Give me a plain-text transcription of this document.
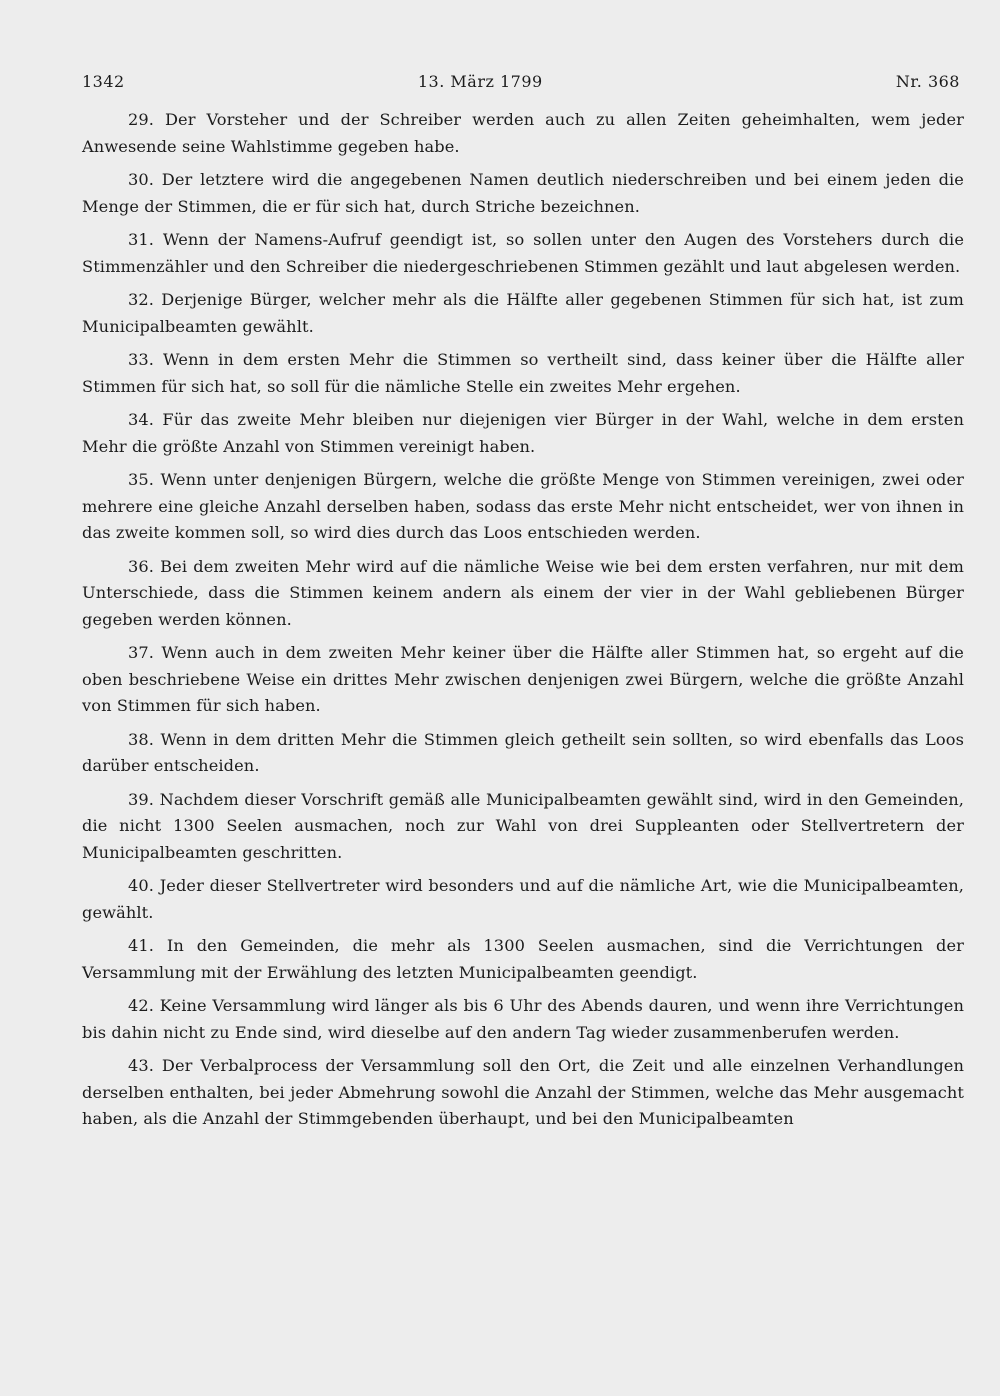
1342	13. März 1799	Nr. 368

29. Der Vorsteher und der Schreiber werden auch zu allen Zeiten geheimhalten, wem jeder Anwesende seine Wahlstimme gegeben habe.

30. Der letztere wird die angegebenen Namen deutlich niederschreiben und bei einem jeden die Menge der Stimmen, die er für sich hat, durch Striche bezeichnen.

31. Wenn der Namens-Aufruf geendigt ist, so sollen unter den Augen des Vorstehers durch die Stimmenzähler und den Schreiber die niedergeschriebenen Stimmen gezählt und laut abgelesen werden.

32. Derjenige Bürger, welcher mehr als die Hälfte aller gegebenen Stimmen für sich hat, ist zum Municipalbeamten gewählt.

33. Wenn in dem ersten Mehr die Stimmen so vertheilt sind, dass keiner über die Hälfte aller Stimmen für sich hat, so soll für die nämliche Stelle ein zweites Mehr ergehen.

34. Für das zweite Mehr bleiben nur diejenigen vier Bürger in der Wahl, welche in dem ersten Mehr die größte Anzahl von Stimmen vereinigt haben.

35. Wenn unter denjenigen Bürgern, welche die größte Menge von Stimmen vereinigen, zwei oder mehrere eine gleiche Anzahl derselben haben, sodass das erste Mehr nicht entscheidet, wer von ihnen in das zweite kommen soll, so wird dies durch das Loos entschieden werden.

36. Bei dem zweiten Mehr wird auf die nämliche Weise wie bei dem ersten verfahren, nur mit dem Unterschiede, dass die Stimmen keinem andern als einem der vier in der Wahl gebliebenen Bürger gegeben werden können.

37. Wenn auch in dem zweiten Mehr keiner über die Hälfte aller Stimmen hat, so ergeht auf die oben beschriebene Weise ein drittes Mehr zwischen denjenigen zwei Bürgern, welche die größte Anzahl von Stimmen für sich haben.

38. Wenn in dem dritten Mehr die Stimmen gleich getheilt sein sollten, so wird ebenfalls das Loos darüber entscheiden.

39. Nachdem dieser Vorschrift gemäß alle Municipalbeamten gewählt sind, wird in den Gemeinden, die nicht 1300 Seelen ausmachen, noch zur Wahl von drei Suppleanten oder Stellvertretern der Municipalbeamten geschritten.

40. Jeder dieser Stellvertreter wird besonders und auf die nämliche Art, wie die Municipalbeamten, gewählt.

41. In den Gemeinden, die mehr als 1300 Seelen ausmachen, sind die Verrichtungen der Versammlung mit der Erwählung des letzten Municipalbeamten geendigt.

42. Keine Versammlung wird länger als bis 6 Uhr des Abends dauren, und wenn ihre Verrichtungen bis dahin nicht zu Ende sind, wird dieselbe auf den andern Tag wieder zusammenberufen werden.

43. Der Verbalprocess der Versammlung soll den Ort, die Zeit und alle einzelnen Verhandlungen derselben enthalten, bei jeder Abmehrung sowohl die Anzahl der Stimmen, welche das Mehr ausgemacht haben, als die Anzahl der Stimmgebenden überhaupt, und bei den Municipalbeamten
